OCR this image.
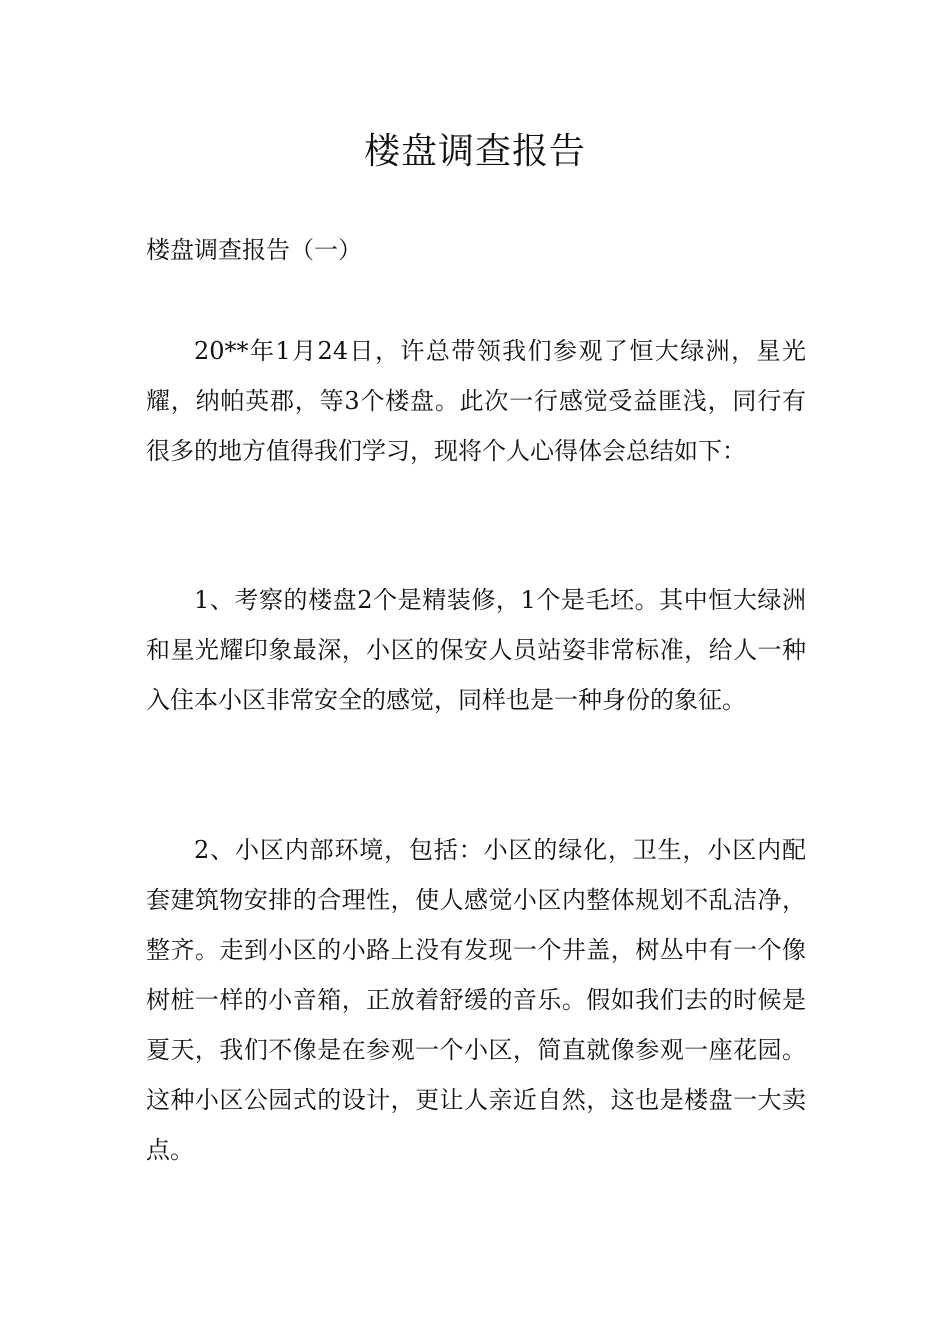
楼盘调查报告
楼盘调查报告（一）

20**年1月24日，许总带领我们参观了恒大绿洲，星光耀，纳帕英郡，等3个楼盘。此次一行感觉受益匪浅，同行有很多的地方值得我们学习，现将个人心得体会总结如下：

1、考察的楼盘2个是精装修，1个是毛坯。其中恒大绿洲和星光耀印象最深，小区的保安人员站姿非常标准，给人一种入住本小区非常安全的感觉，同样也是一种身份的象征。

2、小区内部环境，包括：小区的绿化，卫生，小区内配套建筑物安排的合理性，使人感觉小区内整体规划不乱洁净，整齐。走到小区的小路上没有发现一个井盖，树丛中有一个像树桩一样的小音箱，正放着舒缓的音乐。假如我们去的时候是夏天，我们不像是在参观一个小区，简直就像参观一座花园。这种小区公园式的设计，更让人亲近自然，这也是楼盘一大卖点。
